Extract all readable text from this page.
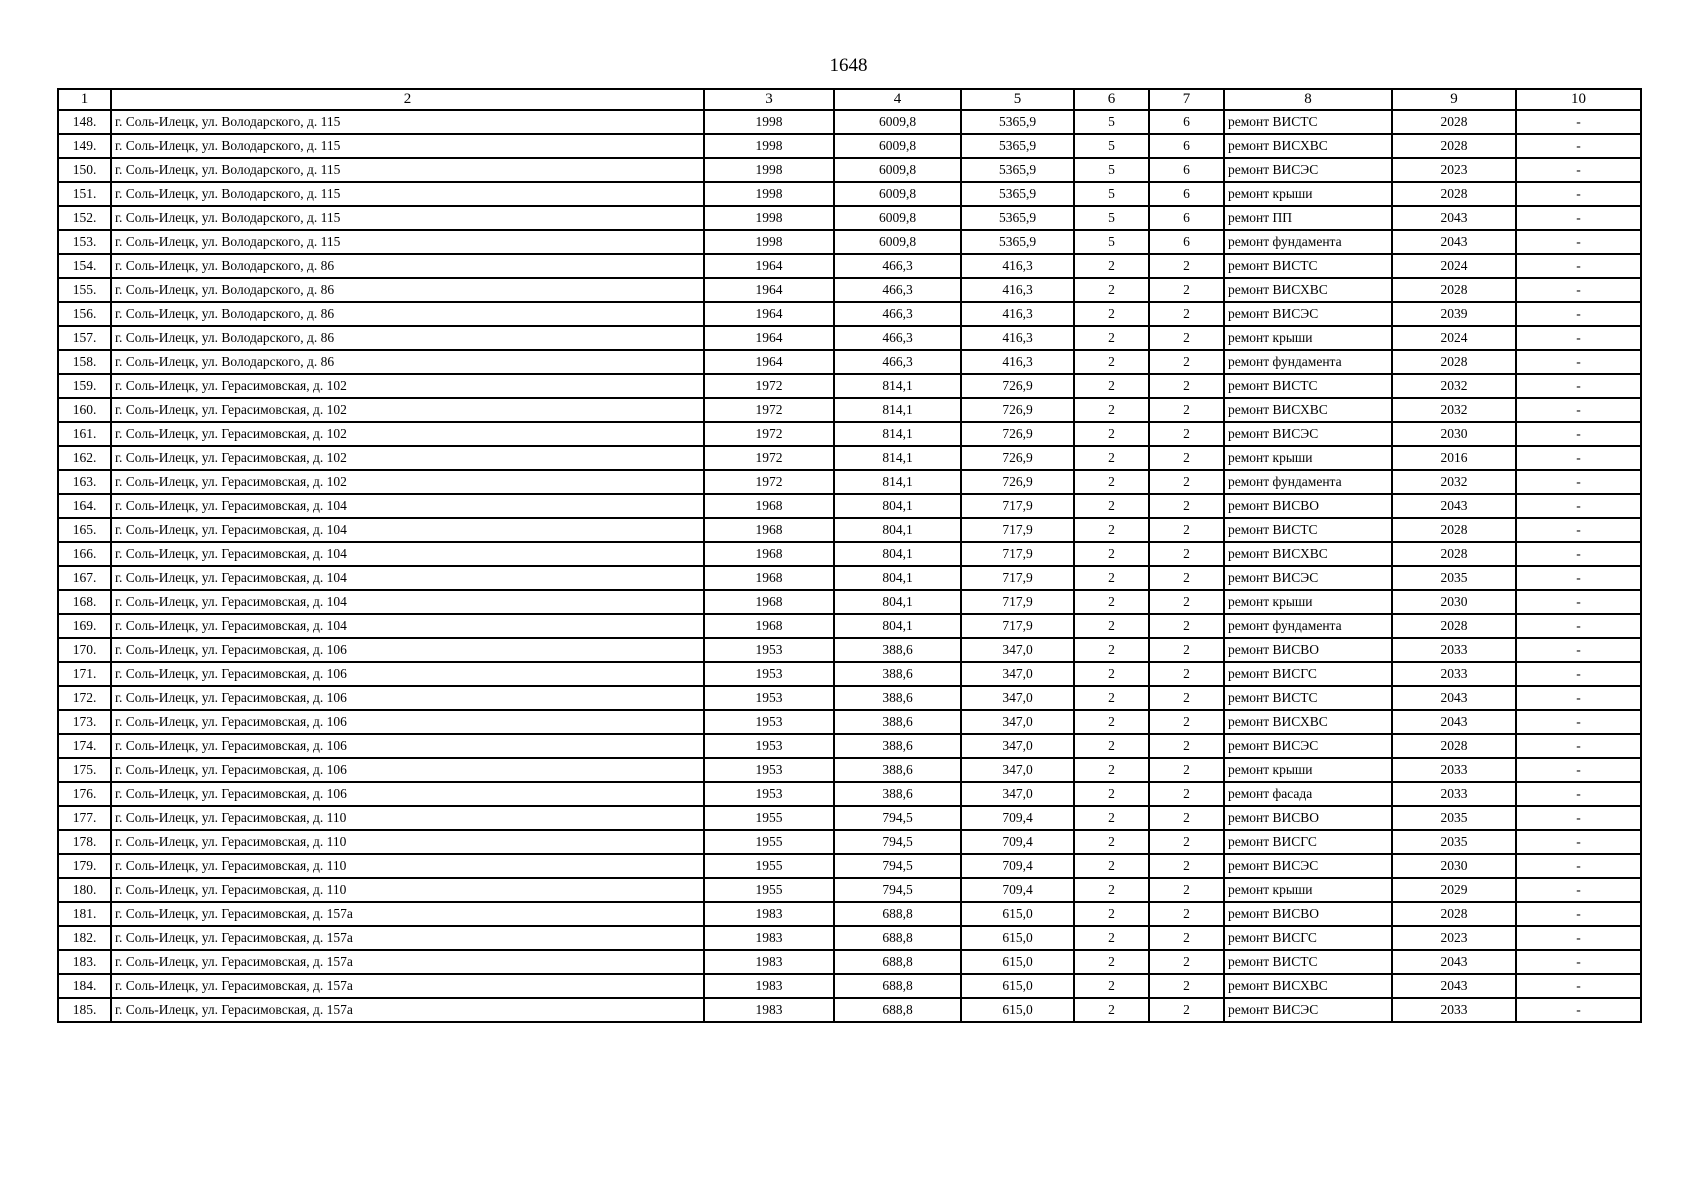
1648
1	2	3	4	5	6	7	8	9	10
148.	г. Соль-Илецк, ул. Володарского, д. 115	1998	6009,8	5365,9	5	6	ремонт ВИСТС	2028	-
149.	г. Соль-Илецк, ул. Володарского, д. 115	1998	6009,8	5365,9	5	6	ремонт ВИСХВС	2028	-
150.	г. Соль-Илецк, ул. Володарского, д. 115	1998	6009,8	5365,9	5	6	ремонт ВИСЭС	2023	-
151.	г. Соль-Илецк, ул. Володарского, д. 115	1998	6009,8	5365,9	5	6	ремонт крыши	2028	-
152.	г. Соль-Илецк, ул. Володарского, д. 115	1998	6009,8	5365,9	5	6	ремонт ПП	2043	-
153.	г. Соль-Илецк, ул. Володарского, д. 115	1998	6009,8	5365,9	5	6	ремонт фундамента	2043	-
154.	г. Соль-Илецк, ул. Володарского, д. 86	1964	466,3	416,3	2	2	ремонт ВИСТС	2024	-
155.	г. Соль-Илецк, ул. Володарского, д. 86	1964	466,3	416,3	2	2	ремонт ВИСХВС	2028	-
156.	г. Соль-Илецк, ул. Володарского, д. 86	1964	466,3	416,3	2	2	ремонт ВИСЭС	2039	-
157.	г. Соль-Илецк, ул. Володарского, д. 86	1964	466,3	416,3	2	2	ремонт крыши	2024	-
158.	г. Соль-Илецк, ул. Володарского, д. 86	1964	466,3	416,3	2	2	ремонт фундамента	2028	-
159.	г. Соль-Илецк, ул. Герасимовская, д. 102	1972	814,1	726,9	2	2	ремонт ВИСТС	2032	-
160.	г. Соль-Илецк, ул. Герасимовская, д. 102	1972	814,1	726,9	2	2	ремонт ВИСХВС	2032	-
161.	г. Соль-Илецк, ул. Герасимовская, д. 102	1972	814,1	726,9	2	2	ремонт ВИСЭС	2030	-
162.	г. Соль-Илецк, ул. Герасимовская, д. 102	1972	814,1	726,9	2	2	ремонт крыши	2016	-
163.	г. Соль-Илецк, ул. Герасимовская, д. 102	1972	814,1	726,9	2	2	ремонт фундамента	2032	-
164.	г. Соль-Илецк, ул. Герасимовская, д. 104	1968	804,1	717,9	2	2	ремонт ВИСВО	2043	-
165.	г. Соль-Илецк, ул. Герасимовская, д. 104	1968	804,1	717,9	2	2	ремонт ВИСТС	2028	-
166.	г. Соль-Илецк, ул. Герасимовская, д. 104	1968	804,1	717,9	2	2	ремонт ВИСХВС	2028	-
167.	г. Соль-Илецк, ул. Герасимовская, д. 104	1968	804,1	717,9	2	2	ремонт ВИСЭС	2035	-
168.	г. Соль-Илецк, ул. Герасимовская, д. 104	1968	804,1	717,9	2	2	ремонт крыши	2030	-
169.	г. Соль-Илецк, ул. Герасимовская, д. 104	1968	804,1	717,9	2	2	ремонт фундамента	2028	-
170.	г. Соль-Илецк, ул. Герасимовская, д. 106	1953	388,6	347,0	2	2	ремонт ВИСВО	2033	-
171.	г. Соль-Илецк, ул. Герасимовская, д. 106	1953	388,6	347,0	2	2	ремонт ВИСГС	2033	-
172.	г. Соль-Илецк, ул. Герасимовская, д. 106	1953	388,6	347,0	2	2	ремонт ВИСТС	2043	-
173.	г. Соль-Илецк, ул. Герасимовская, д. 106	1953	388,6	347,0	2	2	ремонт ВИСХВС	2043	-
174.	г. Соль-Илецк, ул. Герасимовская, д. 106	1953	388,6	347,0	2	2	ремонт ВИСЭС	2028	-
175.	г. Соль-Илецк, ул. Герасимовская, д. 106	1953	388,6	347,0	2	2	ремонт крыши	2033	-
176.	г. Соль-Илецк, ул. Герасимовская, д. 106	1953	388,6	347,0	2	2	ремонт фасада	2033	-
177.	г. Соль-Илецк, ул. Герасимовская, д. 110	1955	794,5	709,4	2	2	ремонт ВИСВО	2035	-
178.	г. Соль-Илецк, ул. Герасимовская, д. 110	1955	794,5	709,4	2	2	ремонт ВИСГС	2035	-
179.	г. Соль-Илецк, ул. Герасимовская, д. 110	1955	794,5	709,4	2	2	ремонт ВИСЭС	2030	-
180.	г. Соль-Илецк, ул. Герасимовская, д. 110	1955	794,5	709,4	2	2	ремонт крыши	2029	-
181.	г. Соль-Илецк, ул. Герасимовская, д. 157а	1983	688,8	615,0	2	2	ремонт ВИСВО	2028	-
182.	г. Соль-Илецк, ул. Герасимовская, д. 157а	1983	688,8	615,0	2	2	ремонт ВИСГС	2023	-
183.	г. Соль-Илецк, ул. Герасимовская, д. 157а	1983	688,8	615,0	2	2	ремонт ВИСТС	2043	-
184.	г. Соль-Илецк, ул. Герасимовская, д. 157а	1983	688,8	615,0	2	2	ремонт ВИСХВС	2043	-
185.	г. Соль-Илецк, ул. Герасимовская, д. 157а	1983	688,8	615,0	2	2	ремонт ВИСЭС	2033	-
